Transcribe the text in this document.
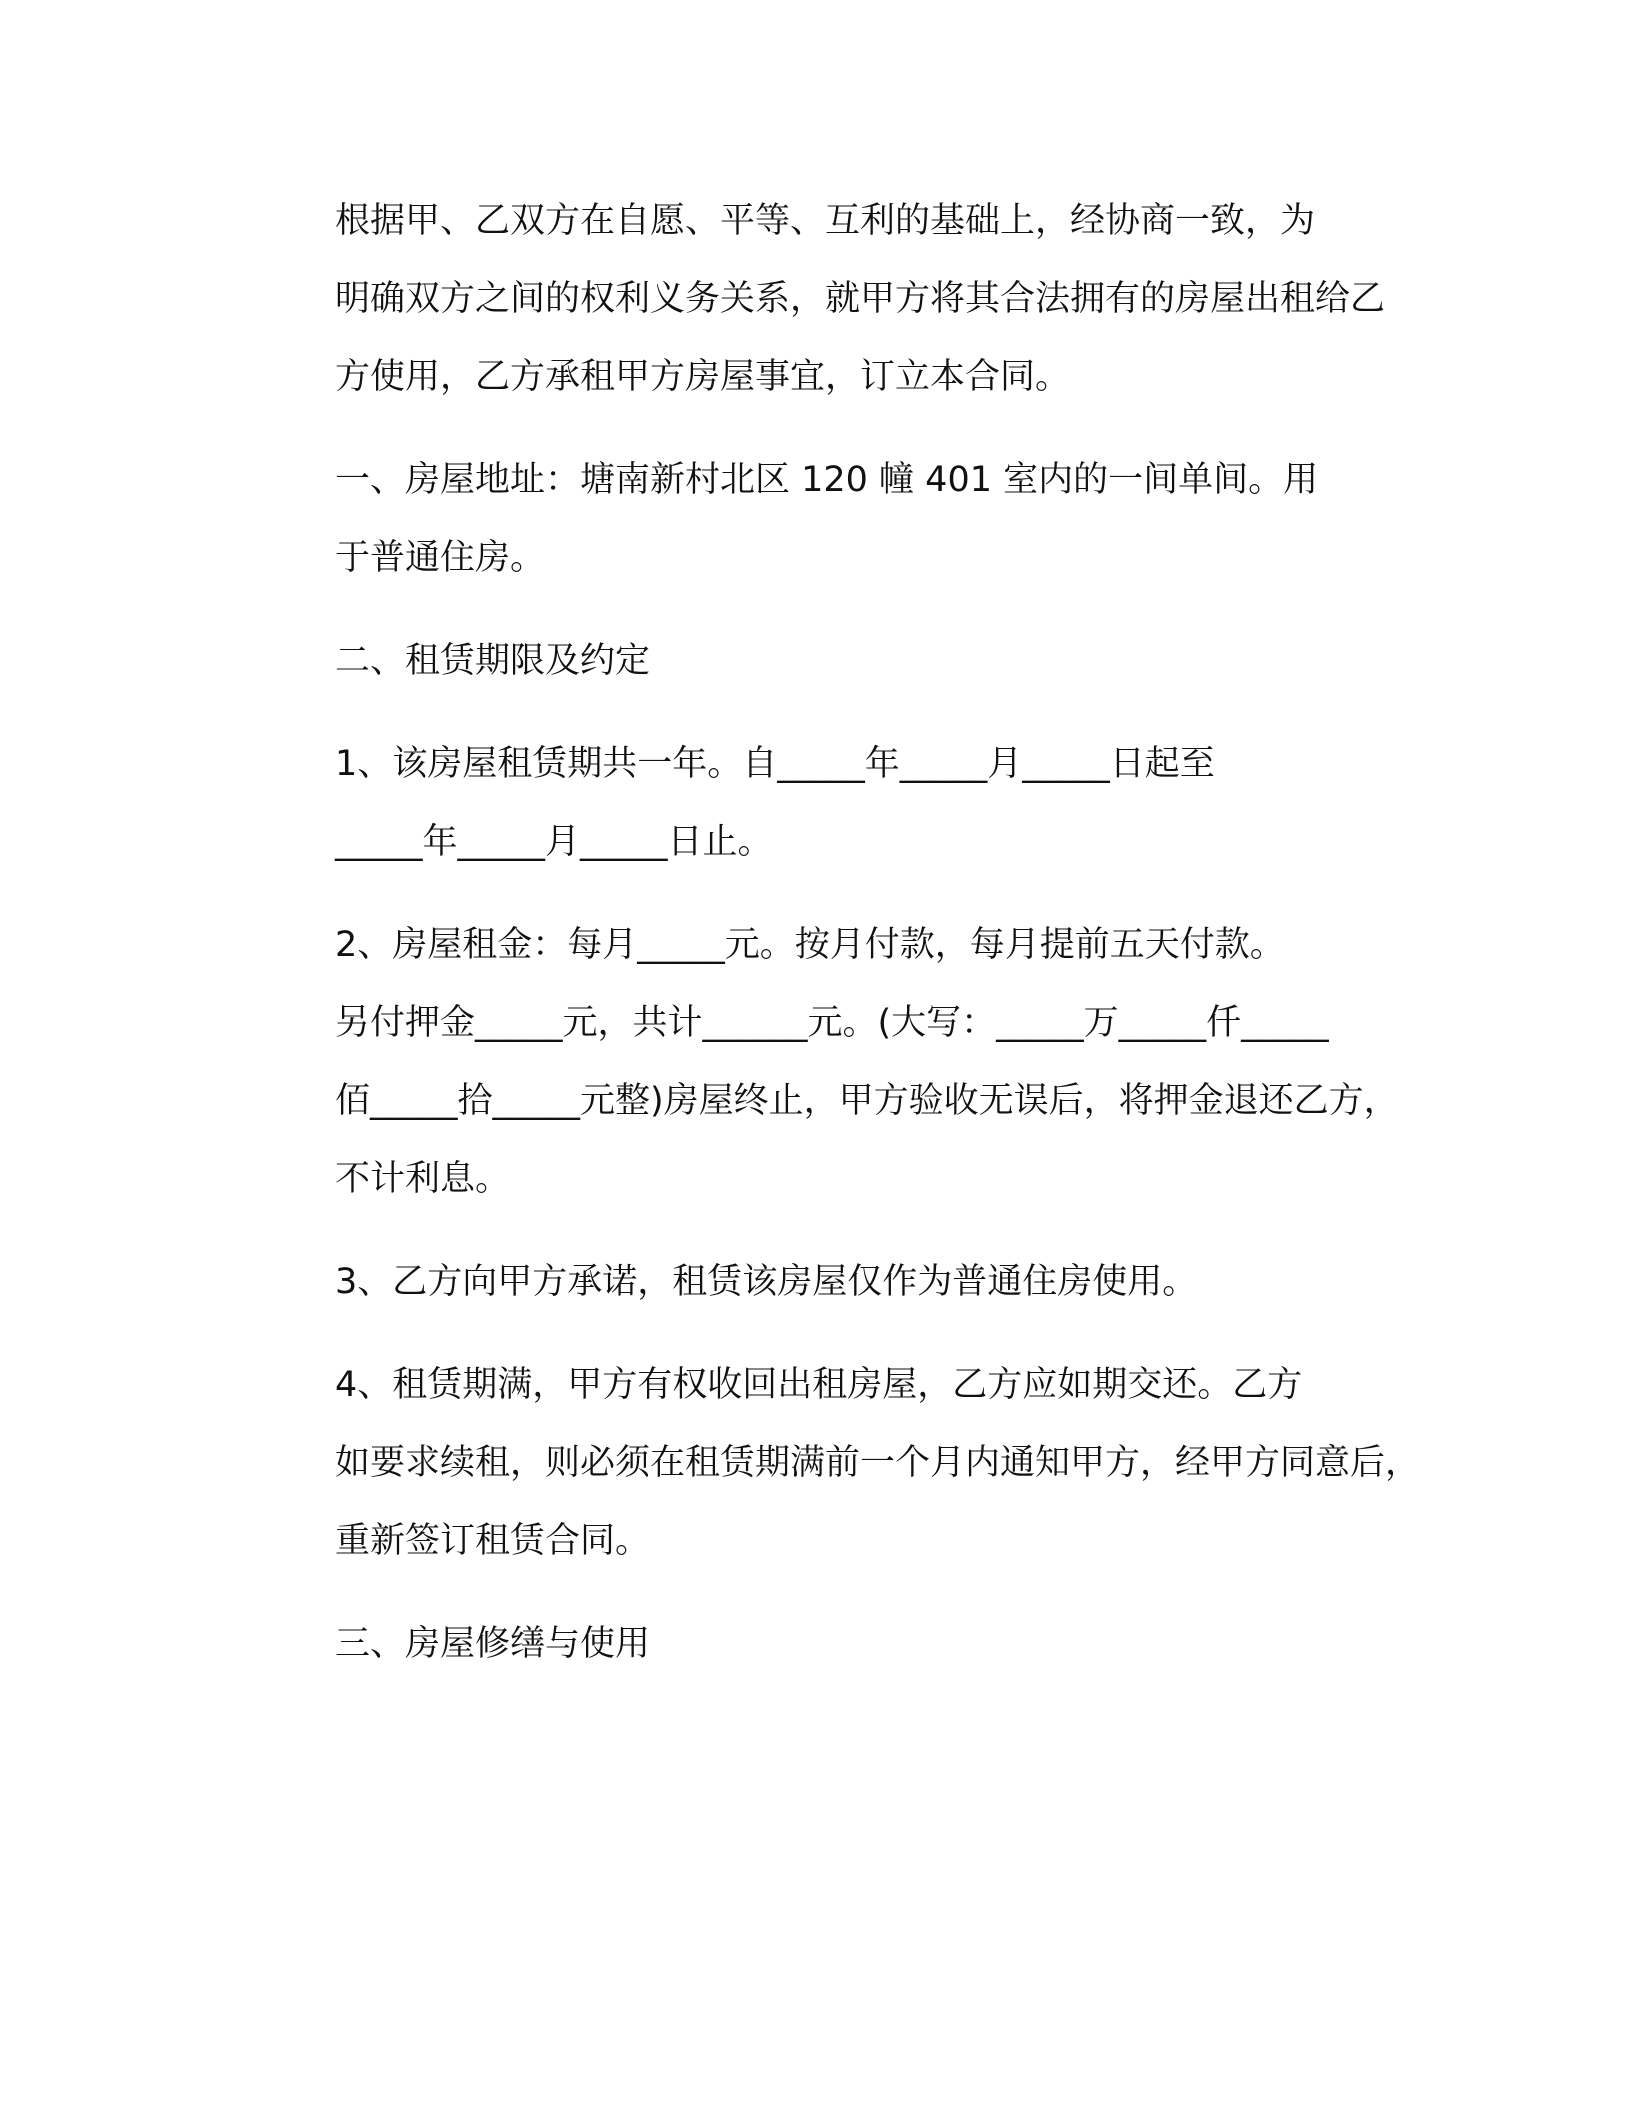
根据甲、乙双方在自愿、平等、互利的基础上，经协商一致，为
明确双方之间的权利义务关系，就甲方将其合法拥有的房屋出租给乙
方使用，乙方承租甲方房屋事宜，订立本合同。

一、房屋地址：塘南新村北区 120 幢 401 室内的一间单间。用
于普通住房。

二、租赁期限及约定

1、该房屋租赁期共一年。自_____年_____月_____日起至
_____年_____月_____日止。

2、房屋租金：每月_____元。按月付款，每月提前五天付款。
另付押金_____元，共计______元。(大写：_____万_____仟_____
佰_____拾_____元整)房屋终止，甲方验收无误后，将押金退还乙方，
不计利息。

3、乙方向甲方承诺，租赁该房屋仅作为普通住房使用。

4、租赁期满，甲方有权收回出租房屋，乙方应如期交还。乙方
如要求续租，则必须在租赁期满前一个月内通知甲方，经甲方同意后，
重新签订租赁合同。

三、房屋修缮与使用
